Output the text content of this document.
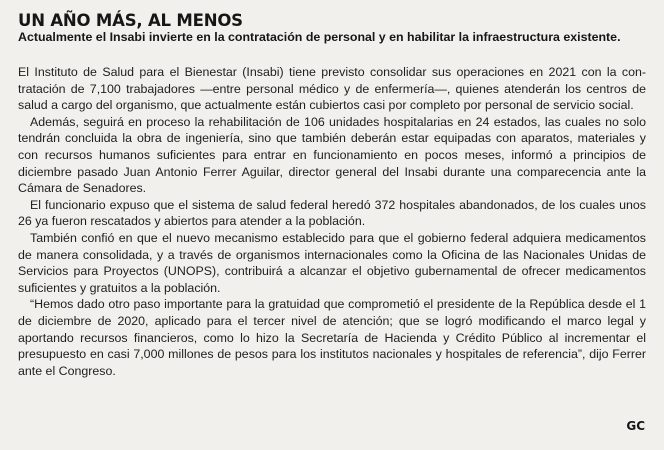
UN AÑO MÁS, AL MENOS

Actualmente el Insabi invierte en la contratación de personal y en habilitar la infraestructura existente.

El Instituto de Salud para el Bienestar (Insabi) tiene previsto consolidar sus operaciones en 2021 con la contratación de 7,100 trabajadores —entre personal médico y de enfermería—, quienes atenderán los centros de salud a cargo del organismo, que actualmente están cubiertos casi por completo por personal de servicio social.

Además, seguirá en proceso la rehabilitación de 106 unidades hospitalarias en 24 estados, las cuales no solo tendrán concluida la obra de ingeniería, sino que también deberán estar equipadas con aparatos, materiales y con recursos humanos suficientes para entrar en funcionamiento en pocos meses, informó a principios de diciembre pasado Juan Antonio Ferrer Aguilar, director general del Insabi durante una comparecencia ante la Cámara de Senadores.

El funcionario expuso que el sistema de salud federal heredó 372 hospitales abandonados, de los cuales unos 26 ya fueron rescatados y abiertos para atender a la población.

También confió en que el nuevo mecanismo establecido para que el gobierno federal adquiera medicamentos de manera consolidada, y a través de organismos internacionales como la Oficina de las Nacionales Unidas de Servicios para Proyectos (UNOPS), contribuirá a alcanzar el objetivo gubernamental de ofrecer medicamentos suficientes y gratuitos a la población.

“Hemos dado otro paso importante para la gratuidad que comprometió el presidente de la República desde el 1 de diciembre de 2020, aplicado para el tercer nivel de atención; que se logró modificando el marco legal y aportando recursos financieros, como lo hizo la Secretaría de Hacienda y Crédito Público al incrementar el presupuesto en casi 7,000 millones de pesos para los institutos nacionales y hospitales de referencia”, dijo Ferrer ante el Congreso.

GC
